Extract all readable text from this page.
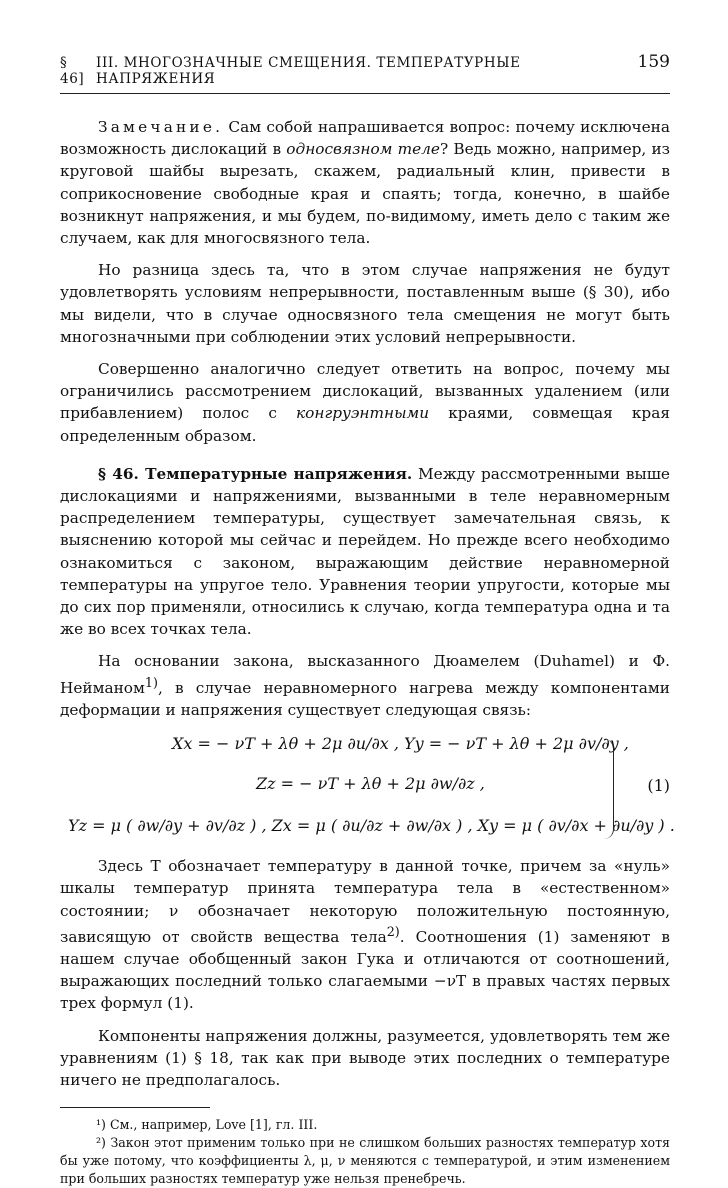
§ 46]
III. МНОГОЗНАЧНЫЕ СМЕЩЕНИЯ. ТЕМПЕРАТУРНЫЕ НАПРЯЖЕНИЯ
159

Замечание. Сам собой напрашивается вопрос: почему исключена возможность дислокаций в односвязном теле? Ведь можно, например, из круговой шайбы вырезать, скажем, радиальный клин, привести в соприкосновение свободные края и спаять; тогда, конечно, в шайбе возникнут напряжения, и мы будем, по-видимому, иметь дело с таким же случаем, как для многосвязного тела.

Но разница здесь та, что в этом случае напряжения не будут удовлетворять условиям непрерывности, поставленным выше (§ 30), ибо мы видели, что в случае односвязного тела смещения не могут быть многозначными при соблюдении этих условий непрерывности.

Совершенно аналогично следует ответить на вопрос, почему мы ограничились рассмотрением дислокаций, вызванных удалением (или прибавлением) полос с конгруэнтными краями, совмещая края определенным образом.

§ 46. Температурные напряжения. Между рассмотренными выше дислокациями и напряжениями, вызванными в теле неравномерным распределением температуры, существует замечательная связь, к выяснению которой мы сейчас и перейдем. Но прежде всего необходимо ознакомиться с законом, выражающим действие неравномерной температуры на упругое тело. Уравнения теории упругости, которые мы до сих пор применяли, относились к случаю, когда температура одна и та же во всех точках тела.

На основании закона, высказанного Дюамелем (Duhamel) и Ф. Нейманом$^{1)}$, в случае неравномерного нагрева между компонентами деформации и напряжения существует следующая связь:

Xx = − νT + λθ + 2μ ∂u/∂x , Yy = − νT + λθ + 2μ ∂v/∂y ,
Zz = − νT + λθ + 2μ ∂w/∂z ,
Yz = μ ( ∂w/∂y + ∂v/∂z ) , Zx = μ ( ∂u/∂z + ∂w/∂x ) , Xy = μ ( ∂v/∂x + ∂u/∂y ) .
(1)

Здесь T обозначает температуру в данной точке, причем за «нуль» шкалы температур принята температура тела в «естественном» состоянии; ν обозначает некоторую положительную постоянную, зависящую от свойств вещества тела$^{2)}$. Соотношения (1) заменяют в нашем случае обобщенный закон Гука и отличаются от соотношений, выражающих последний только слагаемыми −νT в правых частях первых трех формул (1).

Компоненты напряжения должны, разумеется, удовлетворять тем же уравнениям (1) § 18, так как при выводе этих последних о температуре ничего не предполагалось.

¹) См., например, Love [1], гл. III.

²) Закон этот применим только при не слишком больших разностях температур хотя бы уже потому, что коэффициенты λ, μ, ν меняются с температурой, и этим изменением при больших разностях температур уже нельзя пренебречь.
